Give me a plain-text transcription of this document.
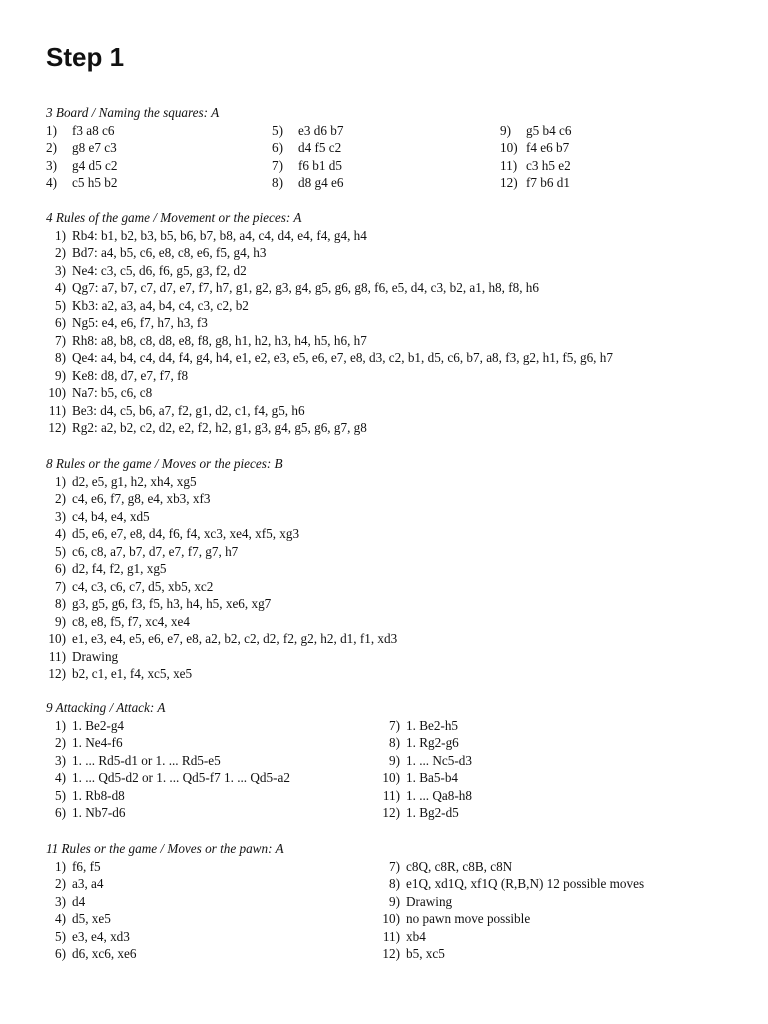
Step 1
3 Board / Naming the squares: A
1) f3 a8 c6	5) e3 d6 b7	9) g5 b4 c6
2) g8 e7 c3	6) d4 f5 c2	10) f4 e6 b7
3) g4 d5 c2	7) f6 b1 d5	11) c3 h5 e2
4) c5 h5 b2	8) d8 g4 e6	12) f7 b6 d1
4 Rules of the game / Movement or the pieces: A
1) Rb4: b1, b2, b3, b5, b6, b7, b8, a4, c4, d4, e4, f4, g4, h4
2) Bd7: a4, b5, c6, e8, c8, e6, f5, g4, h3
3) Ne4: c3, c5, d6, f6, g5, g3, f2, d2
4) Qg7: a7, b7, c7, d7, e7, f7, h7, g1, g2, g3, g4, g5, g6, g8, f6, e5, d4, c3, b2, a1, h8, f8, h6
5) Kb3: a2, a3, a4, b4, c4, c3, c2, b2
6) Ng5: e4, e6, f7, h7, h3, f3
7) Rh8: a8, b8, c8, d8, e8, f8, g8, h1, h2, h3, h4, h5, h6, h7
8) Qe4: a4, b4, c4, d4, f4, g4, h4, e1, e2, e3, e5, e6, e7, e8, d3, c2, b1, d5, c6, b7, a8, f3, g2, h1, f5, g6, h7
9) Ke8: d8, d7, e7, f7, f8
10) Na7: b5, c6, c8
11) Be3: d4, c5, b6, a7, f2, g1, d2, c1, f4, g5, h6
12) Rg2: a2, b2, c2, d2, e2, f2, h2, g1, g3, g4, g5, g6, g7, g8
8 Rules or the game / Moves or the pieces: B
1) d2, e5, g1, h2, xh4, xg5
2) c4, e6, f7, g8, e4, xb3, xf3
3) c4, b4, e4, xd5
4) d5, e6, e7, e8, d4, f6, f4, xc3, xe4, xf5, xg3
5) c6, c8, a7, b7, d7, e7, f7, g7, h7
6) d2, f4, f2, g1, xg5
7) c4, c3, c6, c7, d5, xb5, xc2
8) g3, g5, g6, f3, f5, h3, h4, h5, xe6, xg7
9) c8, e8, f5, f7, xc4, xe4
10) e1, e3, e4, e5, e6, e7, e8, a2, b2, c2, d2, f2, g2, h2, d1, f1, xd3
11) Drawing
12) b2, c1, e1, f4, xc5, xe5
9 Attacking / Attack: A
1) 1. Be2-g4	7) 1. Be2-h5
2) 1. Ne4-f6	8) 1. Rg2-g6
3) 1. ... Rd5-d1 or 1. ... Rd5-e5	9) 1. ... Nc5-d3
4) 1. ... Qd5-d2 or 1. ... Qd5-f7 1. ... Qd5-a2	10) 1. Ba5-b4
5) 1. Rb8-d8	11) 1. ... Qa8-h8
6) 1. Nb7-d6	12) 1. Bg2-d5
11 Rules or the game / Moves or the pawn: A
1) f6, f5	7) c8Q, c8R, c8B, c8N
2) a3, a4	8) e1Q, xd1Q, xf1Q (R,B,N) 12 possible moves
3) d4	9) Drawing
4) d5, xe5	10) no pawn move possible
5) e3, e4, xd3	11) xb4
6) d6, xc6, xe6	12) b5, xc5
